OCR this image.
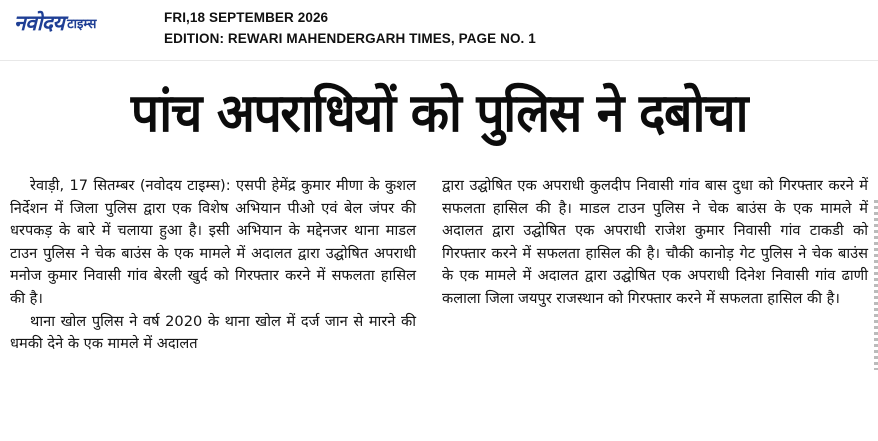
नवोदय टाइम्स	FRI,18 SEPTEMBER 2026
EDITION: REWARI MAHENDERGARH TIMES, PAGE NO. 1
पांच अपराधियों को पुलिस ने दबोचा

रेवाड़ी, 17 सितम्बर (नवोदय टाइम्स): एसपी हेमेंद्र कुमार मीणा के कुशल निर्देशन में जिला पुलिस द्वारा एक विशेष अभियान पीओ एवं बेल जंपर की धरपकड़ के बारे में चलाया हुआ है। इसी अभियान के मद्देनजर थाना माडल टाउन पुलिस ने चेक बाउंस के एक मामले में अदालत द्वारा उद्घोषित अपराधी मनोज कुमार निवासी गांव बेरली खुर्द को गिरफ्तार करने में सफलता हासिल की है।

थाना खोल पुलिस ने वर्ष 2020 के थाना खोल में दर्ज जान से मारने की धमकी देने के एक मामले में अदालत

द्वारा उद्घोषित एक अपराधी कुलदीप निवासी गांव बास दुधा को गिरफ्तार करने में सफलता हासिल की है। माडल टाउन पुलिस ने चेक बाउंस के एक मामले में अदालत द्वारा उद्घोषित एक अपराधी राजेश कुमार निवासी गांव टाकडी को गिरफ्तार करने में सफलता हासिल की है। चौकी कानोड़ गेट पुलिस ने चेक बाउंस के एक मामले में अदालत द्वारा उद्घोषित एक अपराधी दिनेश निवासी गांव ढाणी कलाला जिला जयपुर राजस्थान को गिरफ्तार करने में सफलता हासिल की है।
